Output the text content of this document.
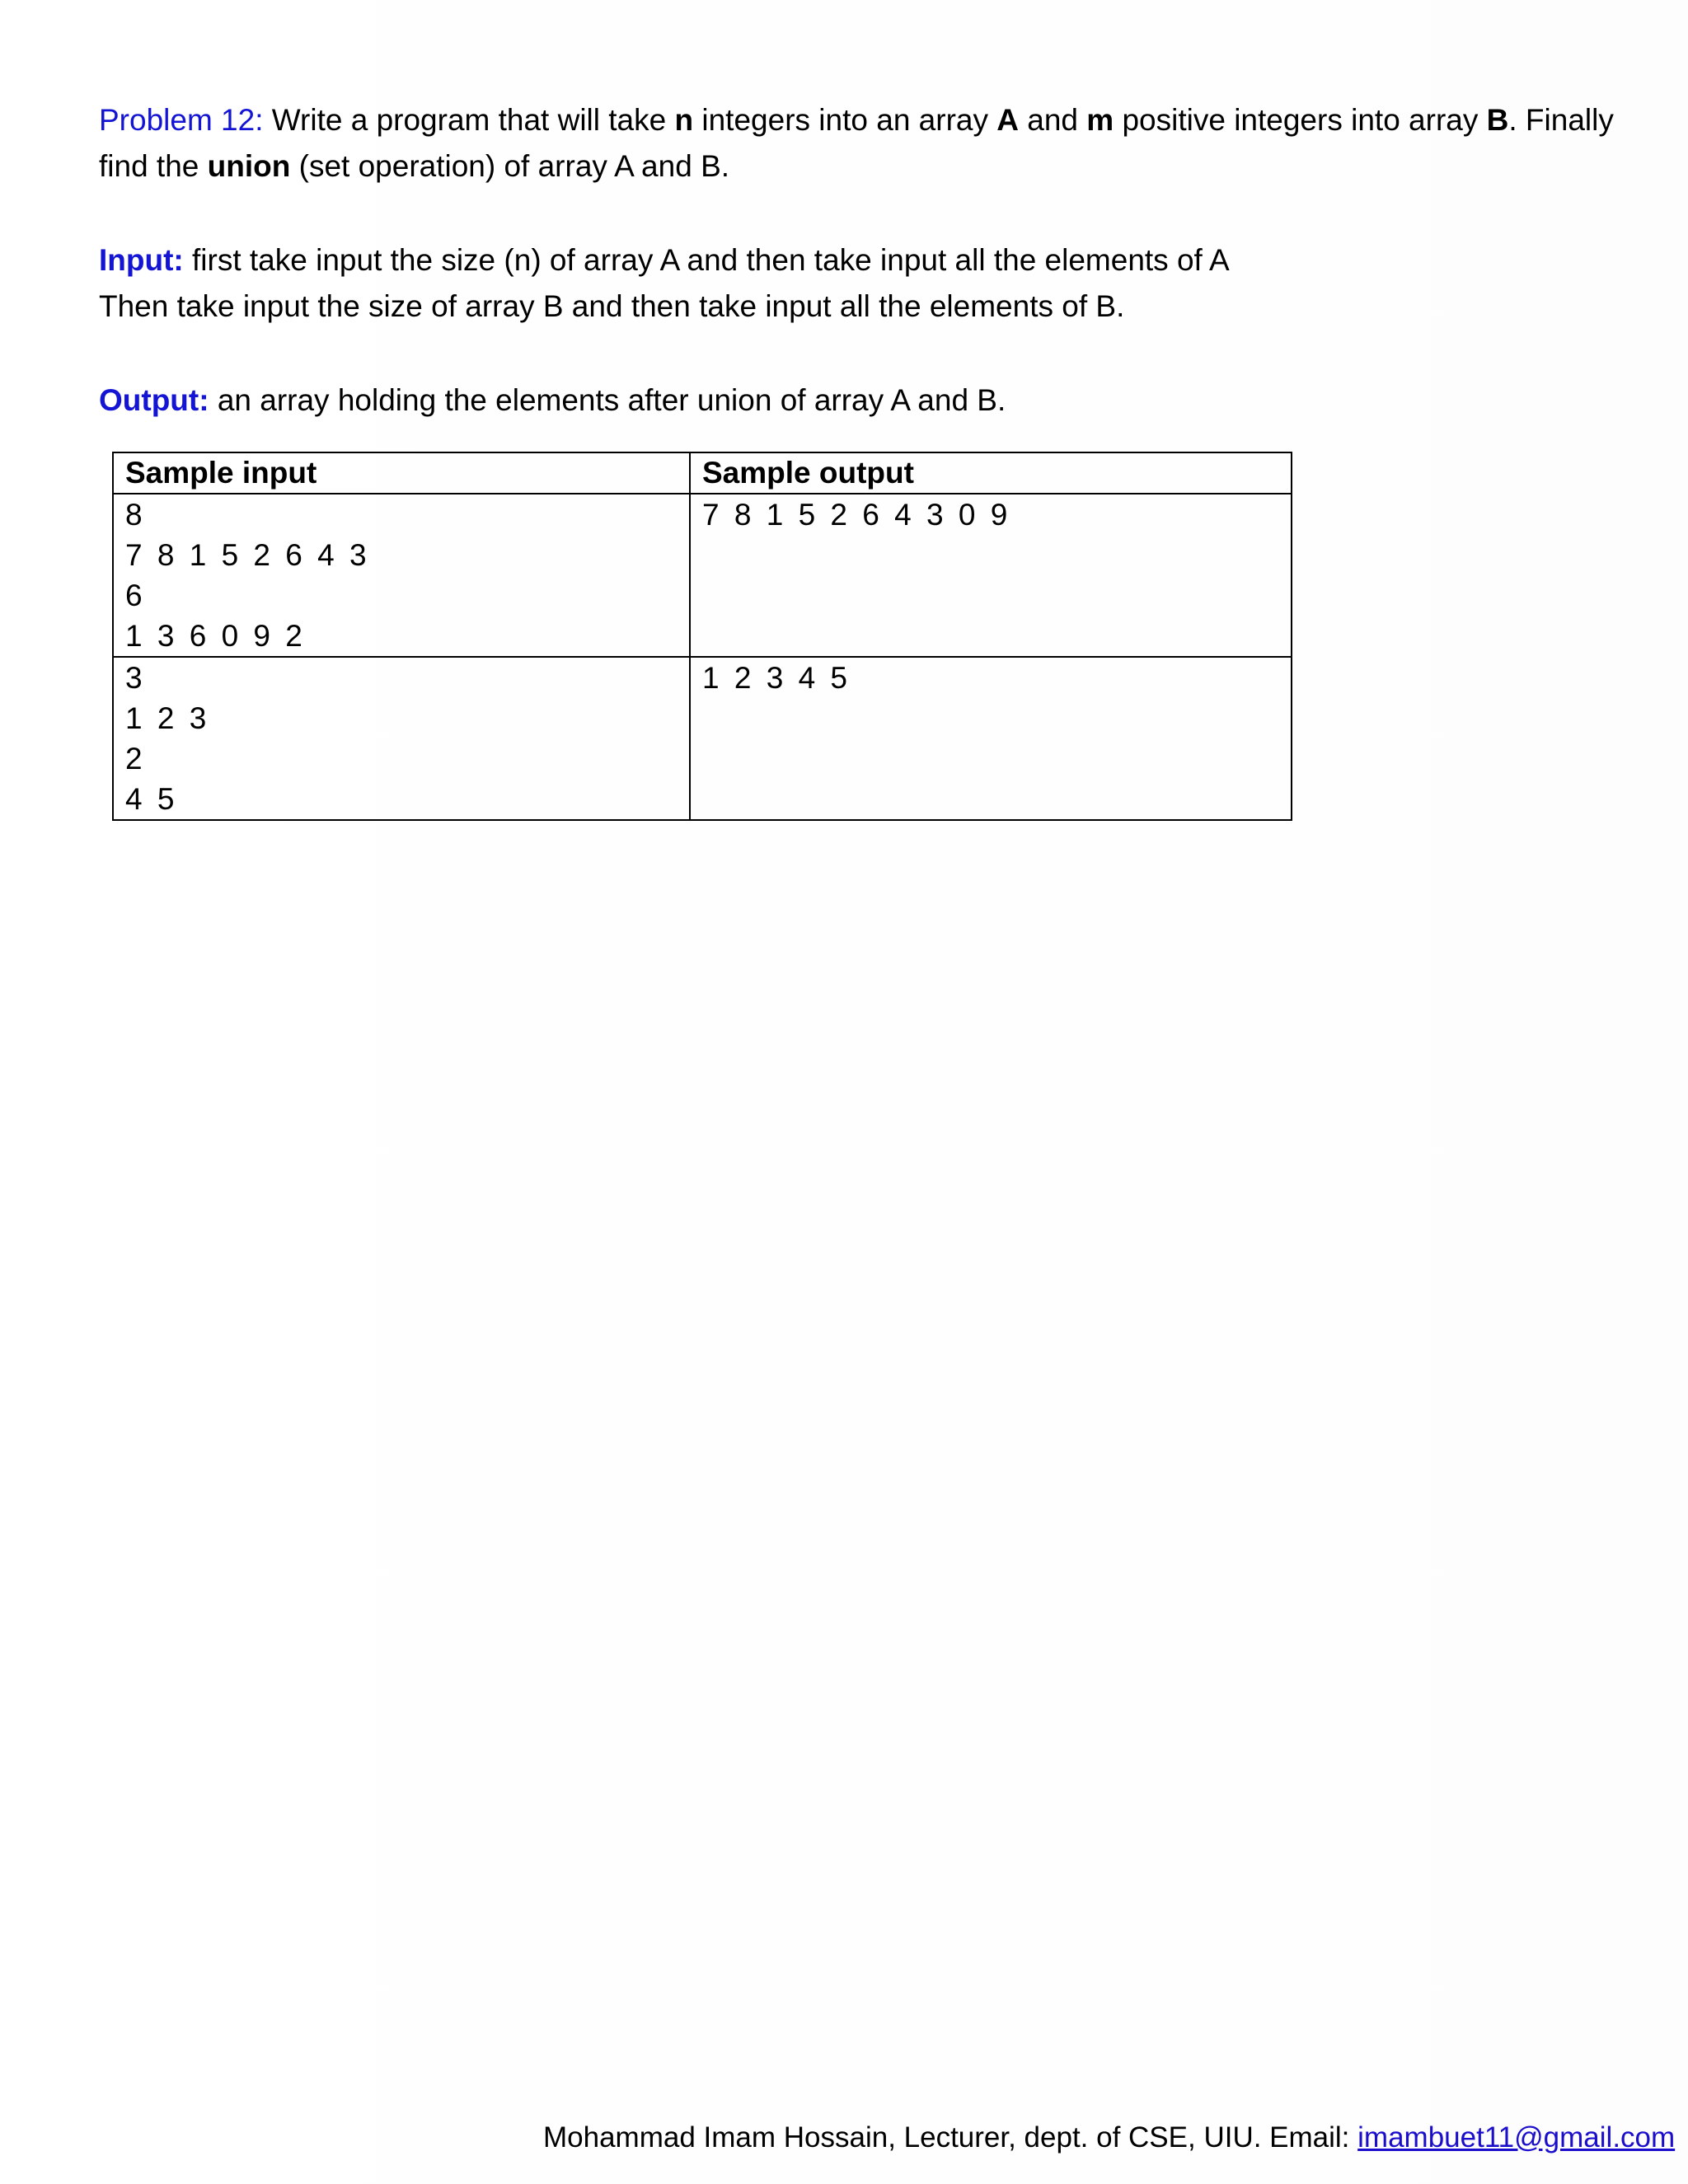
Problem 12: Write a program that will take n integers into an array A and m positive integers into array B. Finally
find the union (set operation) of array A and B.
Input: first take input the size (n) of array A and then take input all the elements of A
Then take input the size of array B and then take input all the elements of B.
Output: an array holding the elements after union of array A and B.
Sample input	Sample output

8
7 8 1 5 2 6 4 3
6
1 3 6 0 9 2	7 8 1 5 2 6 4 3 0 9

3
1 2 3
2
4 5	1 2 3 4 5
Mohammad Imam Hossain, Lecturer, dept. of CSE, UIU. Email: imambuet11@gmail.com
